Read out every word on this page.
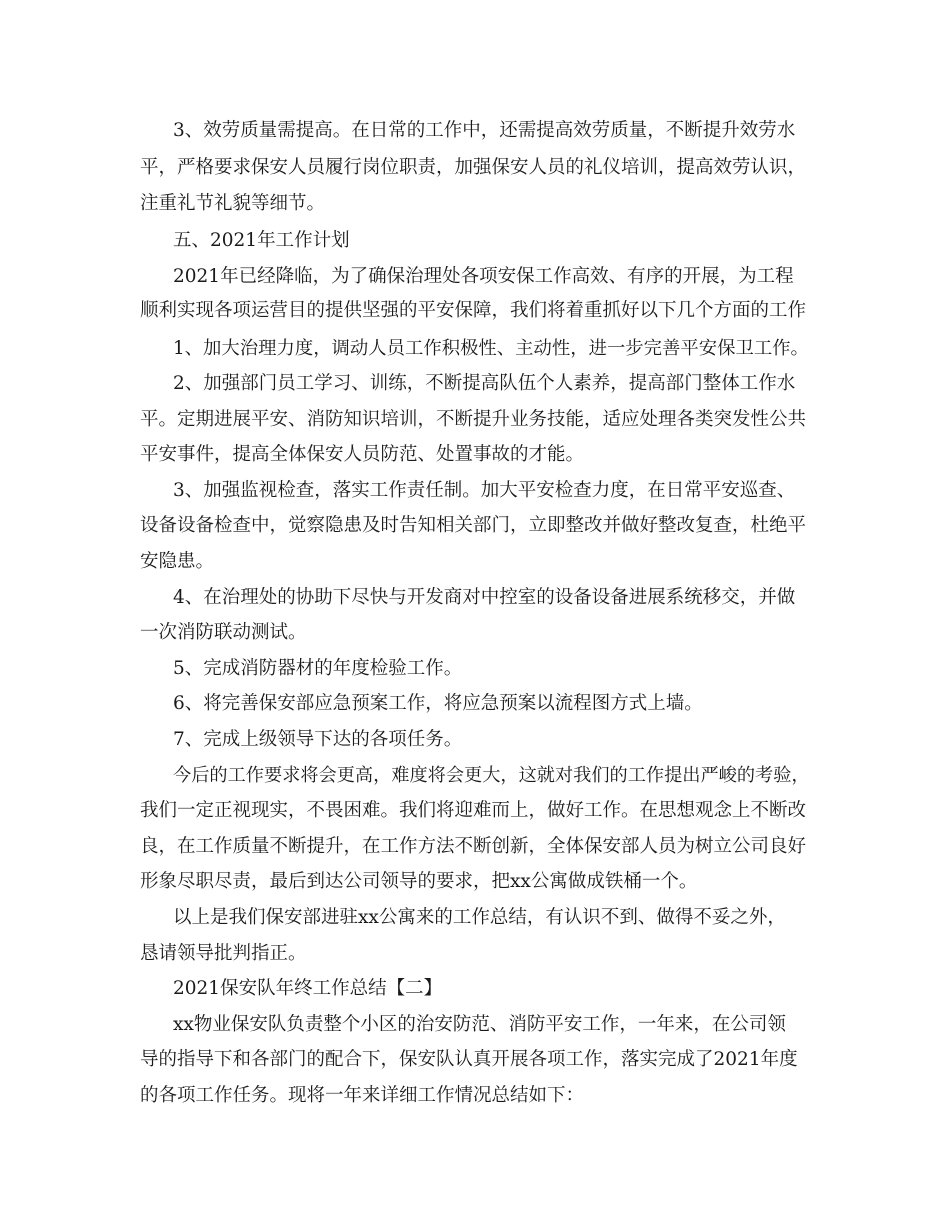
3、效劳质量需提高。在日常的工作中，还需提高效劳质量，不断提升效劳水

平，严格要求保安人员履行岗位职责，加强保安人员的礼仪培训，提高效劳认识，

注重礼节礼貌等细节。

五、2021年工作计划

2021年已经降临，为了确保治理处各项安保工作高效、有序的开展，为工程

顺利实现各项运营目的提供坚强的平安保障，我们将着重抓好以下几个方面的工作

1、加大治理力度，调动人员工作积极性、主动性，进一步完善平安保卫工作。

2、加强部门员工学习、训练，不断提高队伍个人素养，提高部门整体工作水

平。定期进展平安、消防知识培训，不断提升业务技能，适应处理各类突发性公共

平安事件，提高全体保安人员防范、处置事故的才能。

3、加强监视检查，落实工作责任制。加大平安检查力度，在日常平安巡查、

设备设备检查中，觉察隐患及时告知相关部门，立即整改并做好整改复查，杜绝平

安隐患。

4、在治理处的协助下尽快与开发商对中控室的设备设备进展系统移交，并做

一次消防联动测试。

5、完成消防器材的年度检验工作。

6、将完善保安部应急预案工作，将应急预案以流程图方式上墙。

7、完成上级领导下达的各项任务。

今后的工作要求将会更高，难度将会更大，这就对我们的工作提出严峻的考验，

我们一定正视现实，不畏困难。我们将迎难而上，做好工作。在思想观念上不断改

良，在工作质量不断提升，在工作方法不断创新，全体保安部人员为树立公司良好

形象尽职尽责，最后到达公司领导的要求，把xx公寓做成铁桶一个。

以上是我们保安部进驻xx公寓来的工作总结，有认识不到、做得不妥之外，

恳请领导批判指正。

2021保安队年终工作总结【二】

xx物业保安队负责整个小区的治安防范、消防平安工作，一年来，在公司领

导的指导下和各部门的配合下，保安队认真开展各项工作，落实完成了2021年度

的各项工作任务。现将一年来详细工作情况总结如下：
